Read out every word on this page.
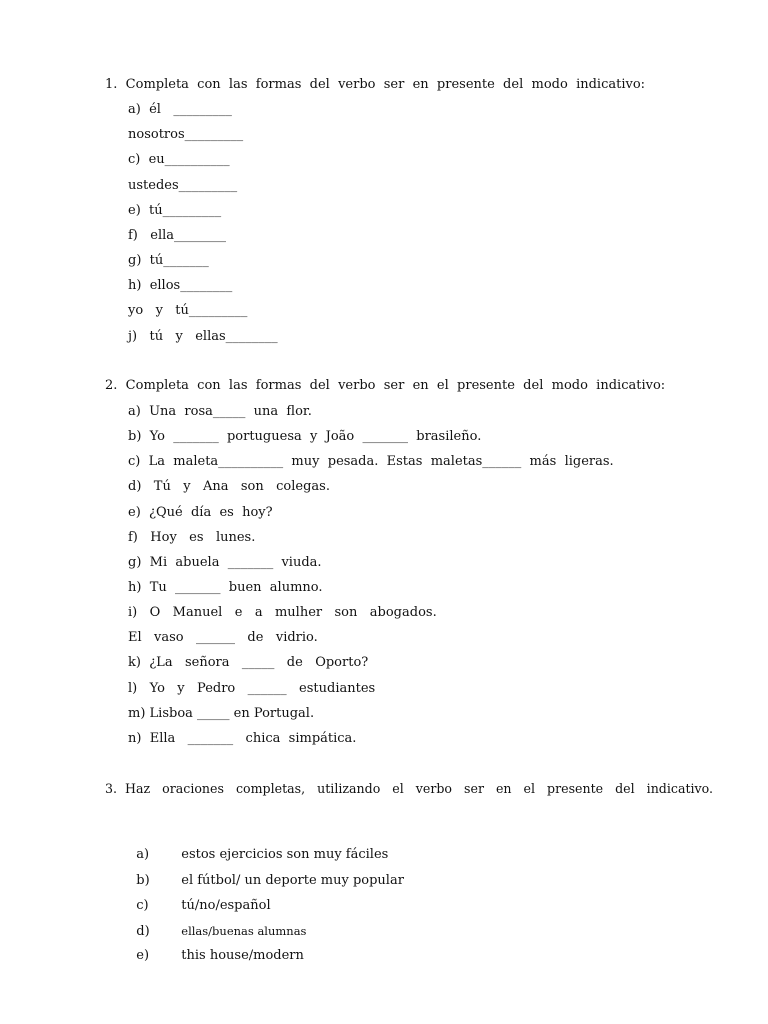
1.  Completa  con  las  formas  del  verbo  ser  en  presente  del  modo  indicativo:
a)  él   _________
nosotros_________
c)  eu__________
ustedes_________
e)  tú_________
f)   ella________
g)  tú_______
h)  ellos________
yo   y   tú_________
j)   tú   y   ellas________
2.  Completa  con  las  formas  del  verbo  ser  en  el  presente  del  modo  indicativo:
a)  Una  rosa_____  una  flor.
b)  Yo  _______  portuguesa  y  João  _______  brasileño.
c)  La  maleta__________  muy  pesada.  Estas  maletas______  más  ligeras.
d)   Tú   y   Ana   son   colegas.
e)  ¿Qué  día  es  hoy?
f)   Hoy   es   lunes.
g)  Mi  abuela  _______  viuda.
h)  Tu  _______  buen  alumno.
i)   O   Manuel   e   a   mulher   son   abogados.
El   vaso   ______   de   vidrio.
k)  ¿La   señora   _____   de   Oporto?
l)   Yo   y   Pedro   ______   estudiantes
m) Lisboa _____ en Portugal.
n)  Ella   _______   chica  simpática.
3.  Haz   oraciones   completas,   utilizando   el   verbo   ser   en   el   presente   del   indicativo.

a) estos ejercicios son muy fáciles

b) el fútbol/ un deporte muy popular

c)	tú/no/español

d)	ellas/buenas alumnas

e) this house/modern
